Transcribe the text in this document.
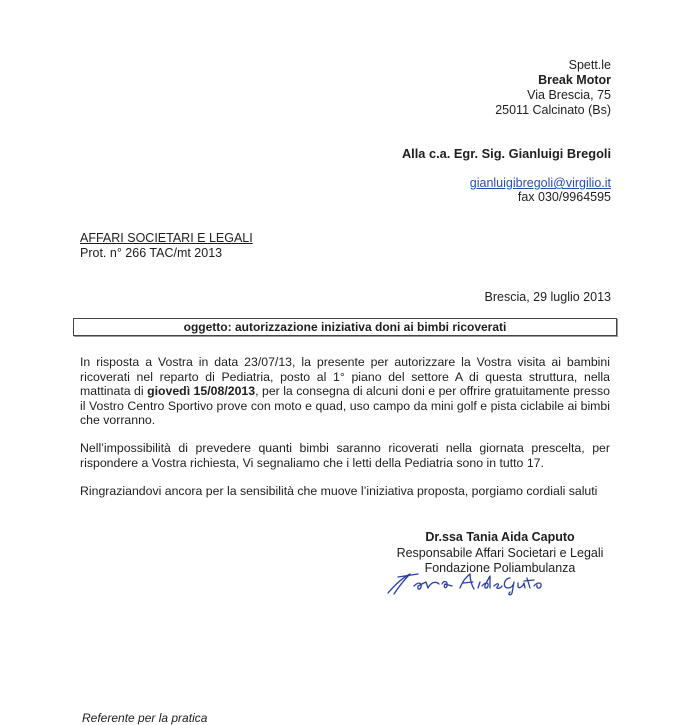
Spett.le
Break Motor
Via Brescia, 75
25011 Calcinato (Bs)
Alla c.a. Egr. Sig. Gianluigi Bregoli
gianluigibregoli@virgilio.it
fax 030/9964595
AFFARI SOCIETARI E LEGALI
Prot. n° 266 TAC/mt 2013
Brescia, 29 luglio 2013
oggetto: autorizzazione iniziativa doni ai bimbi ricoverati
In risposta a Vostra in data 23/07/13, la presente per autorizzare la Vostra visita ai bambini ricoverati nel reparto di Pediatria, posto al 1° piano del settore A di questa struttura, nella mattinata di giovedì 15/08/2013, per la consegna di alcuni doni e per offrire gratuitamente presso il Vostro Centro Sportivo prove con moto e quad, uso campo da mini golf e pista ciclabile ai bimbi che vorranno.
Nell’impossibilità di prevedere quanti bimbi saranno ricoverati nella giornata prescelta, per rispondere a Vostra richiesta, Vi segnaliamo che i letti della Pediatria sono in tutto 17.
Ringraziandovi ancora per la sensibilità che muove l’iniziativa proposta, porgiamo cordiali saluti
Dr.ssa Tania Aida Caputo
Responsabile Affari Societari e Legali
Fondazione Poliambulanza
Referente per la pratica
